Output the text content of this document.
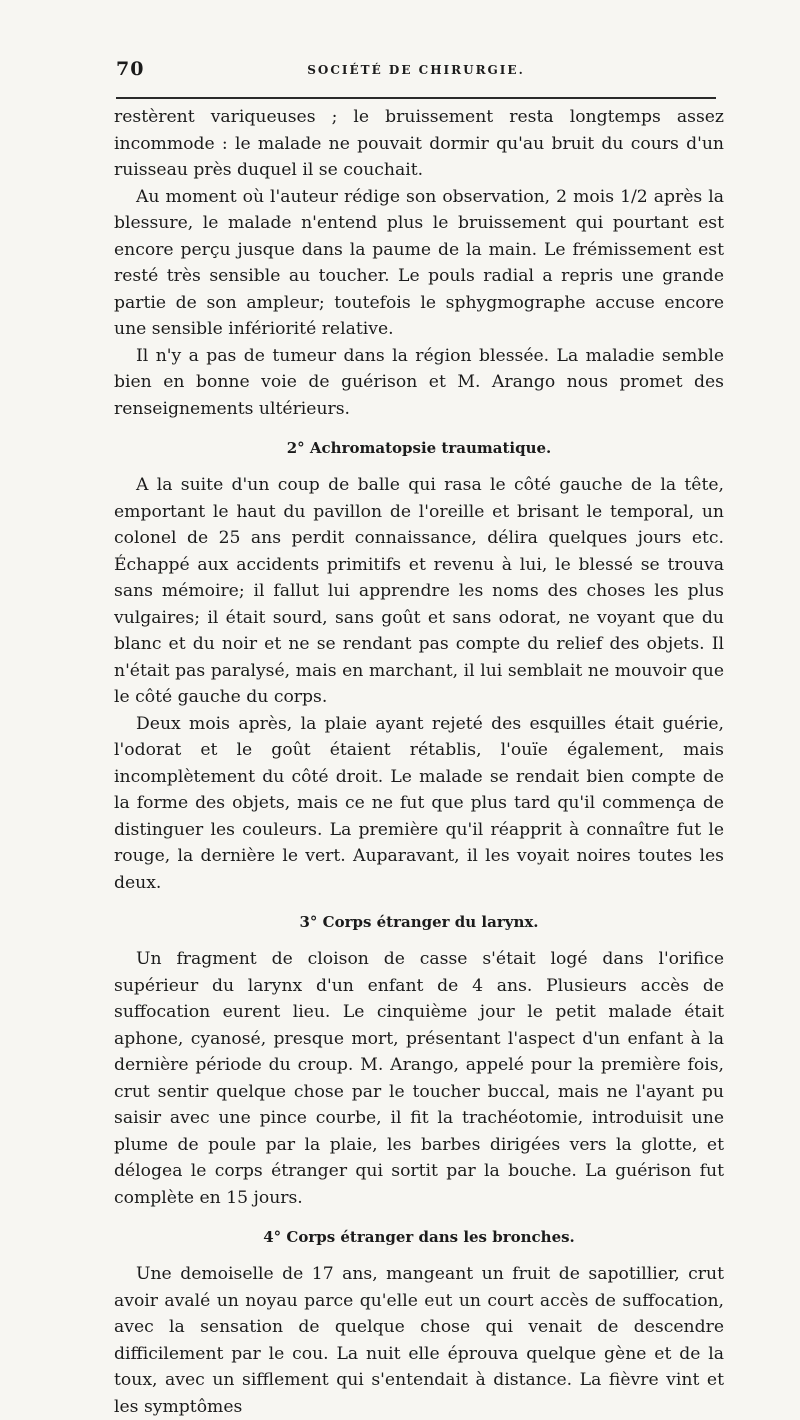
70	SOCIÉTÉ DE CHIRURGIE.

restèrent variqueuses ; le bruissement resta longtemps assez incommode : le malade ne pouvait dormir qu'au bruit du cours d'un ruisseau près duquel il se couchait.

Au moment où l'auteur rédige son observation, 2 mois 1/2 après la blessure, le malade n'entend plus le bruissement qui pourtant est encore perçu jusque dans la paume de la main. Le frémissement est resté très sensible au toucher. Le pouls radial a repris une grande partie de son ampleur; toutefois le sphygmographe accuse encore une sensible infériorité relative.

Il n'y a pas de tumeur dans la région blessée. La maladie semble bien en bonne voie de guérison et M. Arango nous promet des renseignements ultérieurs.

2° Achromatopsie traumatique.

A la suite d'un coup de balle qui rasa le côté gauche de la tête, emportant le haut du pavillon de l'oreille et brisant le temporal, un colonel de 25 ans perdit connaissance, délira quelques jours etc. Échappé aux accidents primitifs et revenu à lui, le blessé se trouva sans mémoire; il fallut lui apprendre les noms des choses les plus vulgaires; il était sourd, sans goût et sans odorat, ne voyant que du blanc et du noir et ne se rendant pas compte du relief des objets. Il n'était pas paralysé, mais en marchant, il lui semblait ne mouvoir que le côté gauche du corps.

Deux mois après, la plaie ayant rejeté des esquilles était guérie, l'odorat et le goût étaient rétablis, l'ouïe également, mais incomplètement du côté droit. Le malade se rendait bien compte de la forme des objets, mais ce ne fut que plus tard qu'il commença de distinguer les couleurs. La première qu'il réapprit à connaître fut le rouge, la dernière le vert. Auparavant, il les voyait noires toutes les deux.

3° Corps étranger du larynx.

Un fragment de cloison de casse s'était logé dans l'orifice supérieur du larynx d'un enfant de 4 ans. Plusieurs accès de suffocation eurent lieu. Le cinquième jour le petit malade était aphone, cyanosé, presque mort, présentant l'aspect d'un enfant à la dernière période du croup. M. Arango, appelé pour la première fois, crut sentir quelque chose par le toucher buccal, mais ne l'ayant pu saisir avec une pince courbe, il fit la trachéotomie, introduisit une plume de poule par la plaie, les barbes dirigées vers la glotte, et délogea le corps étranger qui sortit par la bouche. La guérison fut complète en 15 jours.

4° Corps étranger dans les bronches.

Une demoiselle de 17 ans, mangeant un fruit de sapotillier, crut avoir avalé un noyau parce qu'elle eut un court accès de suffocation, avec la sensation de quelque chose qui venait de descendre difficilement par le cou. La nuit elle éprouva quelque gène et de la toux, avec un sifflement qui s'entendait à distance. La fièvre vint et les symptômes
